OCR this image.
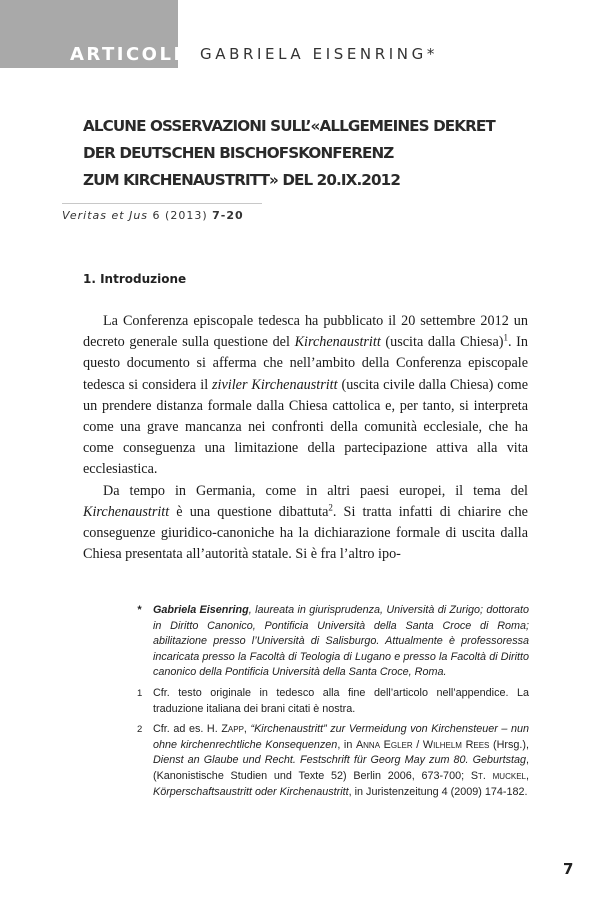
ARTICOLI GABRIELA EISENRING*
ALCUNE OSSERVAZIONI SULL’«ALLGEMEINES DEKRET
DER DEUTSCHEN BISCHOFSKONFERENZ
ZUM KIRCHENAUSTRITT» DEL 20.IX.2012
Veritas et Jus 6 (2013) 7-20
1. Introduzione

La Conferenza episcopale tedesca ha pubblicato il 20 settembre 2012 un decreto generale sulla questione del Kirchenaustritt (uscita dalla Chiesa)$^1$. In questo documento si afferma che nell’ambito della Conferenza episcopale tedesca si considera il ziviler Kirchenaustritt (uscita civile dalla Chiesa) come un prendere distanza formale dalla Chiesa cattolica e, per tanto, si interpreta come una grave mancanza nei confronti della comunità ecclesiale, che ha come conseguenza una limitazione della partecipazione attiva alla vita ecclesiastica.

Da tempo in Germania, come in altri paesi europei, il tema del Kirchenaustritt è una questione dibattuta$^2$. Si tratta infatti di chiarire che conseguenze giuridico-canoniche ha la dichiarazione formale di uscita dalla Chiesa presentata all’autorità statale. Si è fra l’altro ipo-

* Gabriela Eisenring, laureata in giurisprudenza, Università di Zurigo; dottorato in Diritto Canonico, Pontificia Università della Santa Croce di Roma; abilitazione presso l’Università di Salisburgo. Attualmente è professoressa incaricata presso la Facoltà di Teologia di Lugano e presso la Facoltà di Diritto canonico della Pontificia Università della Santa Croce, Roma.
1 Cfr. testo originale in tedesco alla fine dell’articolo nell’appendice. La traduzione italiana dei brani citati è nostra.
2 Cfr. ad es. H. Zapp, “Kirchenaustritt” zur Vermeidung von Kirchensteuer – nun ohne kirchenrechtliche Konsequenzen, in Anna Egler / Wilhelm Rees (Hrsg.), Dienst an Glaube und Recht. Festschrift für Georg May zum 80. Geburtstag, (Kanonistische Studien und Texte 52) Berlin 2006, 673-700; St. muckel, Körperschaftsaustritt oder Kirchenaustritt, in Juristenzeitung 4 (2009) 174-182.
7
